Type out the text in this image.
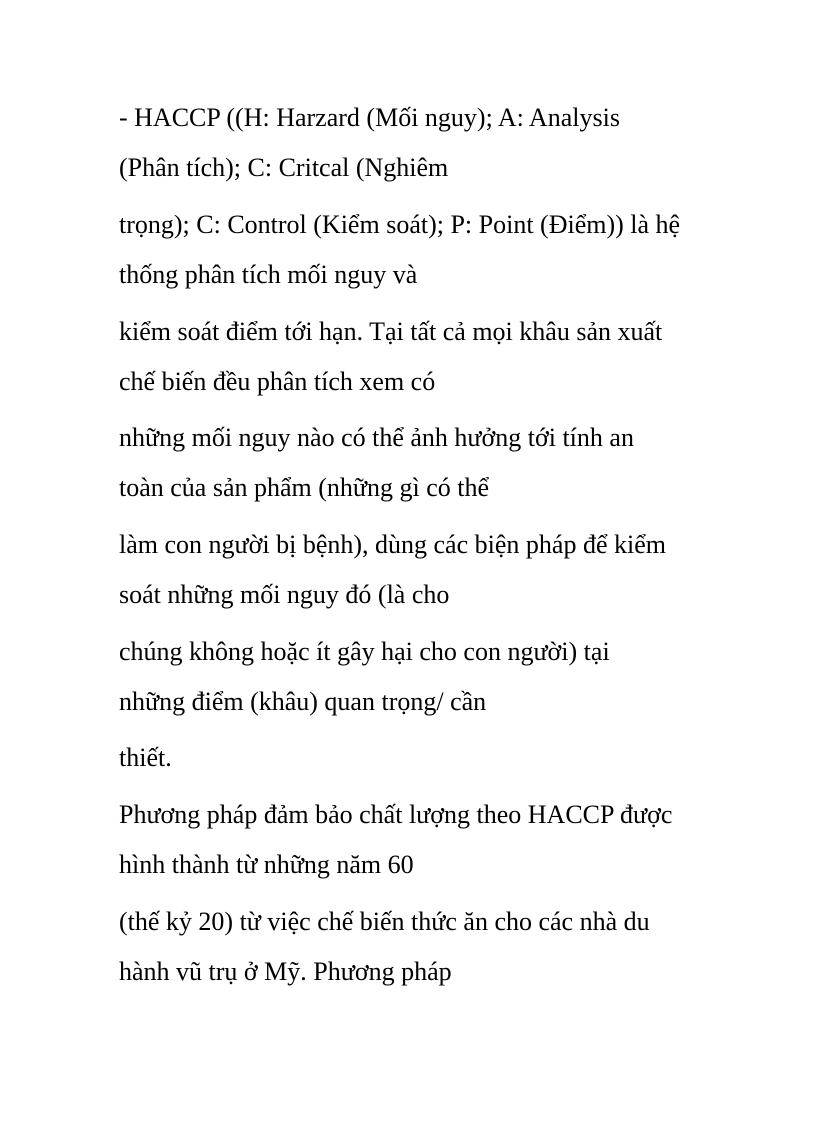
- HACCP ((H: Harzard (Mối nguy); A: Analysis

(Phân tích); C: Critcal (Nghiêm

trọng); C: Control (Kiểm soát); P: Point (Điểm)) là hệ

thống phân tích mối nguy và

kiểm soát điểm tới hạn. Tại tất cả mọi khâu sản xuất

chế biến đều phân tích xem có

những mối nguy nào có thể ảnh hưởng tới tính an

toàn của sản phẩm (những gì có thể

làm con người bị bệnh), dùng các biện pháp để kiểm

soát những mối nguy đó (là cho

chúng không hoặc ít gây hại cho con người) tại

những điểm (khâu) quan trọng/ cần

thiết.

Phương pháp đảm bảo chất lượng theo HACCP được

hình thành từ những năm 60

(thế kỷ 20) từ việc chế biến thức ăn cho các nhà du

hành vũ trụ ở Mỹ. Phương pháp
